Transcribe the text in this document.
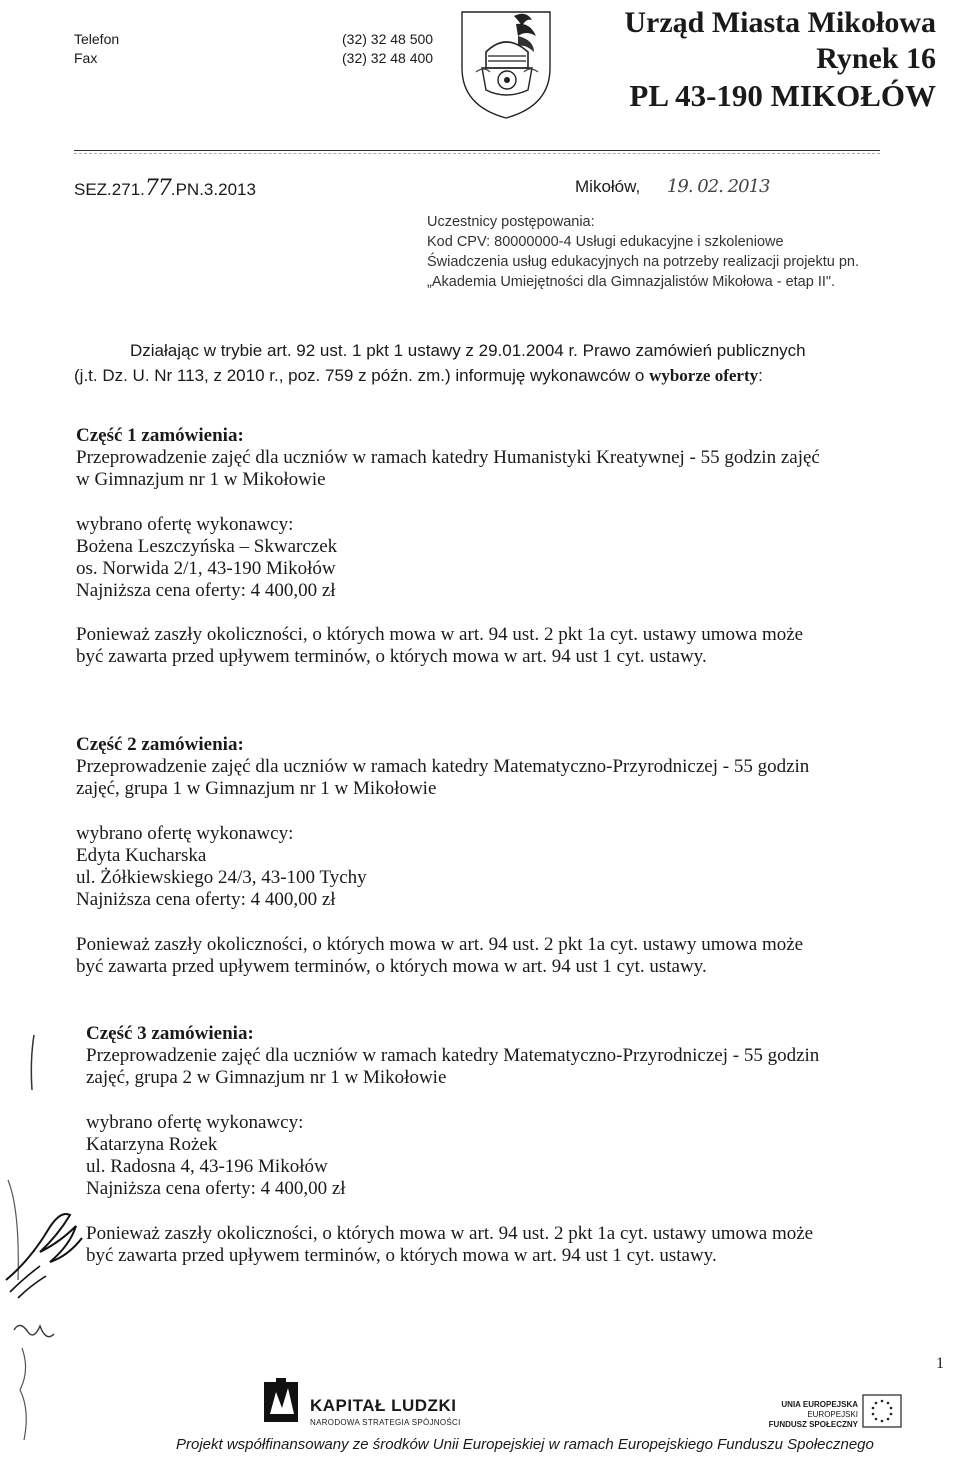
Telefon
Fax
(32) 32 48 500
(32) 32 48 400
Urząd Miasta Mikołowa
Rynek 16
PL 43-190 MIKOŁÓW
SEZ.271.77.PN.3.2013	Mikołów, 19. 02. 2013
Uczestnicy postępowania:
Kod CPV: 80000000-4 Usługi edukacyjne i szkoleniowe
Świadczenia usług edukacyjnych na potrzeby realizacji projektu pn.
„Akademia Umiejętności dla Gimnazjalistów Mikołowa - etap II".
Działając w trybie art. 92 ust. 1 pkt 1 ustawy z 29.01.2004 r. Prawo zamówień publicznych
(j.t. Dz. U. Nr 113, z 2010 r., poz. 759 z późn. zm.) informuję wykonawców o wyborze oferty:
Część 1 zamówienia:
Przeprowadzenie zajęć dla uczniów w ramach katedry Humanistyki Kreatywnej - 55 godzin zajęć
w Gimnazjum nr 1 w Mikołowie
wybrano ofertę wykonawcy:
Bożena Leszczyńska – Skwarczek
os. Norwida 2/1, 43-190 Mikołów
Najniższa cena oferty: 4 400,00 zł
Ponieważ zaszły okoliczności, o których mowa w art. 94 ust. 2 pkt 1a cyt. ustawy umowa może
być zawarta przed upływem terminów, o których mowa w art. 94 ust 1 cyt. ustawy.
Część 2 zamówienia:
Przeprowadzenie zajęć dla uczniów w ramach katedry Matematyczno-Przyrodniczej - 55 godzin
zajęć, grupa 1 w Gimnazjum nr 1 w Mikołowie
wybrano ofertę wykonawcy:
Edyta Kucharska
ul. Żółkiewskiego 24/3, 43-100 Tychy
Najniższa cena oferty: 4 400,00 zł
Ponieważ zaszły okoliczności, o których mowa w art. 94 ust. 2 pkt 1a cyt. ustawy umowa może
być zawarta przed upływem terminów, o których mowa w art. 94 ust 1 cyt. ustawy.
Część 3 zamówienia:
Przeprowadzenie zajęć dla uczniów w ramach katedry Matematyczno-Przyrodniczej - 55 godzin
zajęć, grupa 2 w Gimnazjum nr 1 w Mikołowie
wybrano ofertę wykonawcy:
Katarzyna Rożek
ul. Radosna 4, 43-196 Mikołów
Najniższa cena oferty: 4 400,00 zł
Ponieważ zaszły okoliczności, o których mowa w art. 94 ust. 2 pkt 1a cyt. ustawy umowa może
być zawarta przed upływem terminów, o których mowa w art. 94 ust 1 cyt. ustawy.
1
KAPITAŁ LUDZKI
NARODOWA STRATEGIA SPÓJNOŚCI
UNIA EUROPEJSKA
EUROPEJSKI
FUNDUSZ SPOŁECZNY
Projekt współfinansowany ze środków Unii Europejskiej w ramach Europejskiego Funduszu Społecznego
